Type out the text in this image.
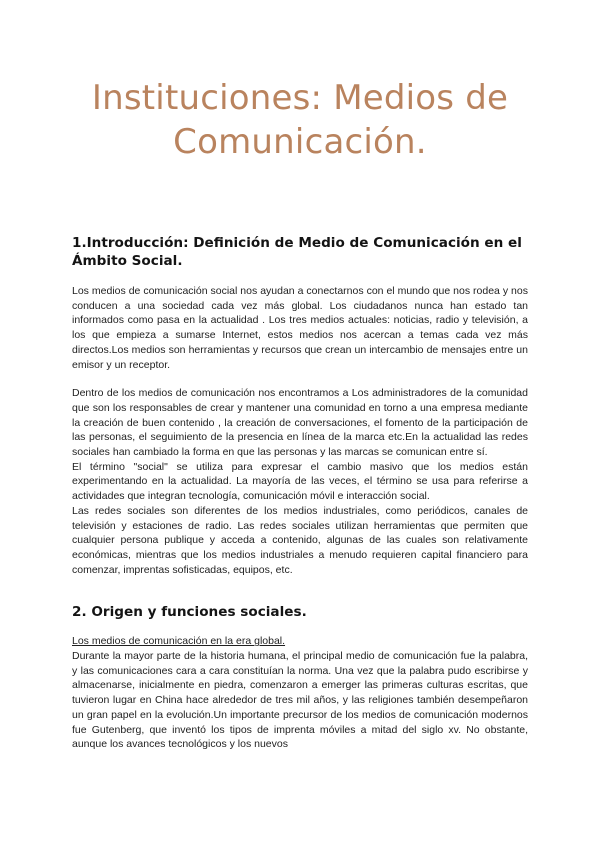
Instituciones: Medios de Comunicación.
1.Introducción: Definición de Medio de Comunicación en el Ámbito Social.

Los medios de comunicación social nos ayudan a conectarnos con el mundo que nos rodea y nos conducen a una sociedad cada vez más global. Los ciudadanos nunca han estado tan informados como pasa en la actualidad . Los tres medios actuales: noticias, radio y televisión, a los que empieza a sumarse Internet, estos medios nos acercan a temas cada vez más directos.Los medios son herramientas y recursos que crean un intercambio de mensajes entre un emisor y un receptor.

Dentro de los medios de comunicación nos encontramos a Los administradores de la comunidad que son los responsables de crear y mantener una comunidad en torno a una empresa mediante la creación de buen contenido , la creación de conversaciones, el fomento de la participación de las personas, el seguimiento de la presencia en línea de la marca etc.En la actualidad las redes sociales han cambiado la forma en que las personas y las marcas se comunican entre sí.

El término "social" se utiliza para expresar el cambio masivo que los medios están experimentando en la actualidad. La mayoría de las veces, el término se usa para referirse a actividades que integran tecnología, comunicación móvil e interacción social.

Las redes sociales son diferentes de los medios industriales, como periódicos, canales de televisión y estaciones de radio. Las redes sociales utilizan herramientas que permiten que cualquier persona publique y acceda a contenido, algunas de las cuales son relativamente económicas, mientras que los medios industriales a menudo requieren capital financiero para comenzar, imprentas sofisticadas, equipos, etc.

2. Origen y funciones sociales.

Los medios de comunicación en la era global.

Durante la mayor parte de la historia humana, el principal medio de comunicación fue la palabra, y las comunicaciones cara a cara constituían la norma. Una vez que la palabra pudo escribirse y almacenarse, inicialmente en piedra, comenzaron a emerger las primeras culturas escritas, que tuvieron lugar en China hace alrededor de tres mil años, y las religiones también desempeñaron un gran papel en la evolución.Un importante precursor de los medios de comunicación modernos fue Gutenberg, que inventó los tipos de imprenta móviles a mitad del siglo xv. No obstante, aunque los avances tecnológicos y los nuevos
